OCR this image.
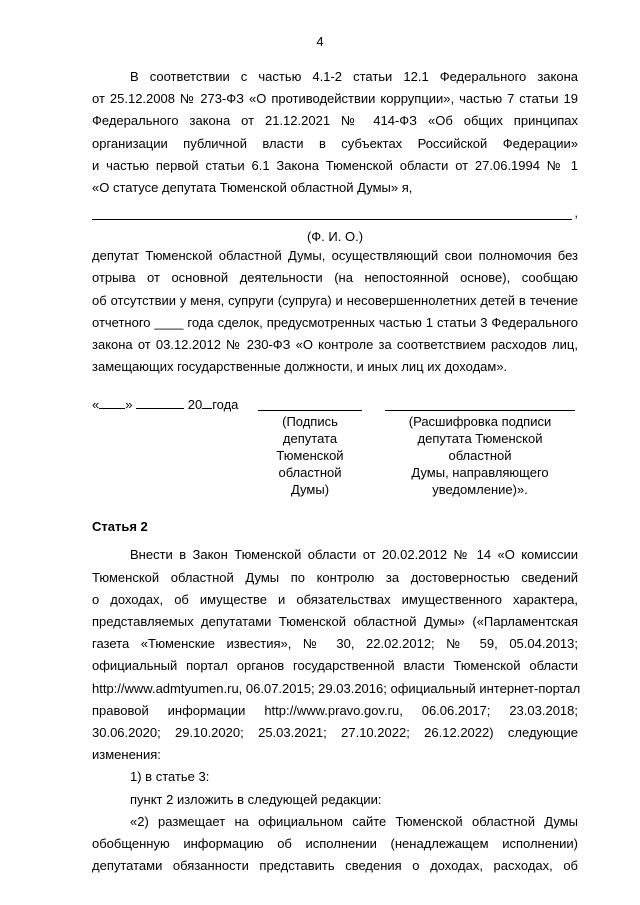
4
В соответствии с частью 4.1-2 статьи 12.1 Федерального закона
от 25.12.2008 № 273-ФЗ «О противодействии коррупции», частью 7 статьи 19
Федерального закона от 21.12.2021 № 414-ФЗ «Об общих принципах
организации публичной власти в субъектах Российской Федерации»
и частью первой статьи 6.1 Закона Тюменской области от 27.06.1994 № 1
«О статусе депутата Тюменской областной Думы» я,
,
(Ф. И. О.)
депутат Тюменской областной Думы, осуществляющий свои полномочия без
отрыва от основной деятельности (на непостоянной основе), сообщаю
об отсутствии у меня, супруги (супруга) и несовершеннолетних детей в течение
отчетного ____ года сделок, предусмотренных частью 1 статьи 3 Федерального
закона от 03.12.2012 № 230-ФЗ «О контроле за соответствием расходов лиц,
замещающих государственные должности, и иных лиц их доходам».
« »	20 года
(Подпись депутата
Тюменской
областной Думы)
(Расшифровка подписи
депутата Тюменской областной
Думы, направляющего
уведомление)».
Статья 2
Внести в Закон Тюменской области от 20.02.2012 № 14 «О комиссии
Тюменской областной Думы по контролю за достоверностью сведений
о доходах, об имуществе и обязательствах имущественного характера,
представляемых депутатами Тюменской областной Думы» («Парламентская
газета «Тюменские известия», № 30, 22.02.2012; № 59, 05.04.2013;
официальный портал органов государственной власти Тюменской области
http://www.admtyumen.ru, 06.07.2015; 29.03.2016; официальный интернет-портал
правовой информации http://www.pravo.gov.ru, 06.06.2017; 23.03.2018;
30.06.2020; 29.10.2020; 25.03.2021; 27.10.2022; 26.12.2022) следующие
изменения:
1) в статье 3:
пункт 2 изложить в следующей редакции:
«2) размещает на официальном сайте Тюменской областной Думы
обобщенную информацию об исполнении (ненадлежащем исполнении)
депутатами обязанности представить сведения о доходах, расходах, об
